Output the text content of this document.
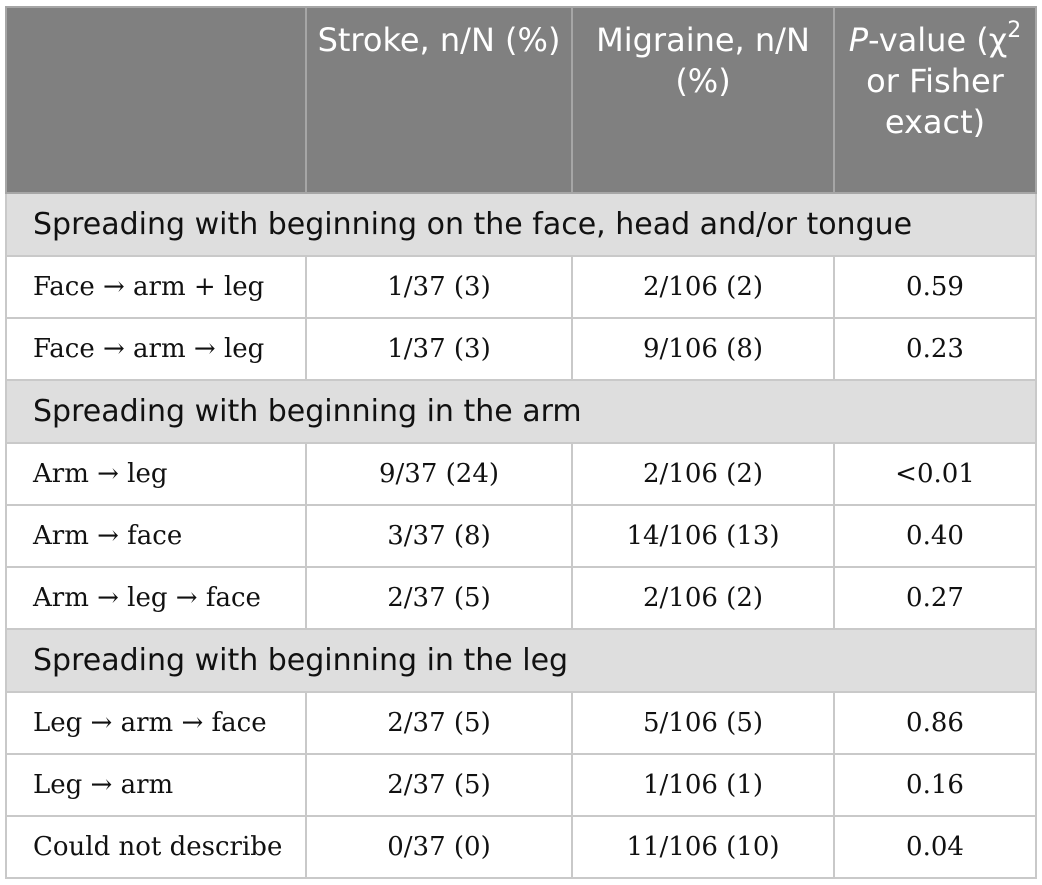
	Stroke, n/N (%)	Migraine, n/N (%)	P-value ($\chi^2$ or Fisher exact)
Spreading with beginning on the face, head and/or tongue			
Face → arm + leg	1/37 (3)	2/106 (2)	0.59
Face → arm → leg	1/37 (3)	9/106 (8)	0.23
Spreading with beginning in the arm			
Arm → leg	9/37 (24)	2/106 (2)	<0.01
Arm → face	3/37 (8)	14/106 (13)	0.40
Arm → leg → face	2/37 (5)	2/106 (2)	0.27
Spreading with beginning in the leg			
Leg → arm → face	2/37 (5)	5/106 (5)	0.86
Leg → arm	2/37 (5)	1/106 (1)	0.16
Could not describe	0/37 (0)	11/106 (10)	0.04
